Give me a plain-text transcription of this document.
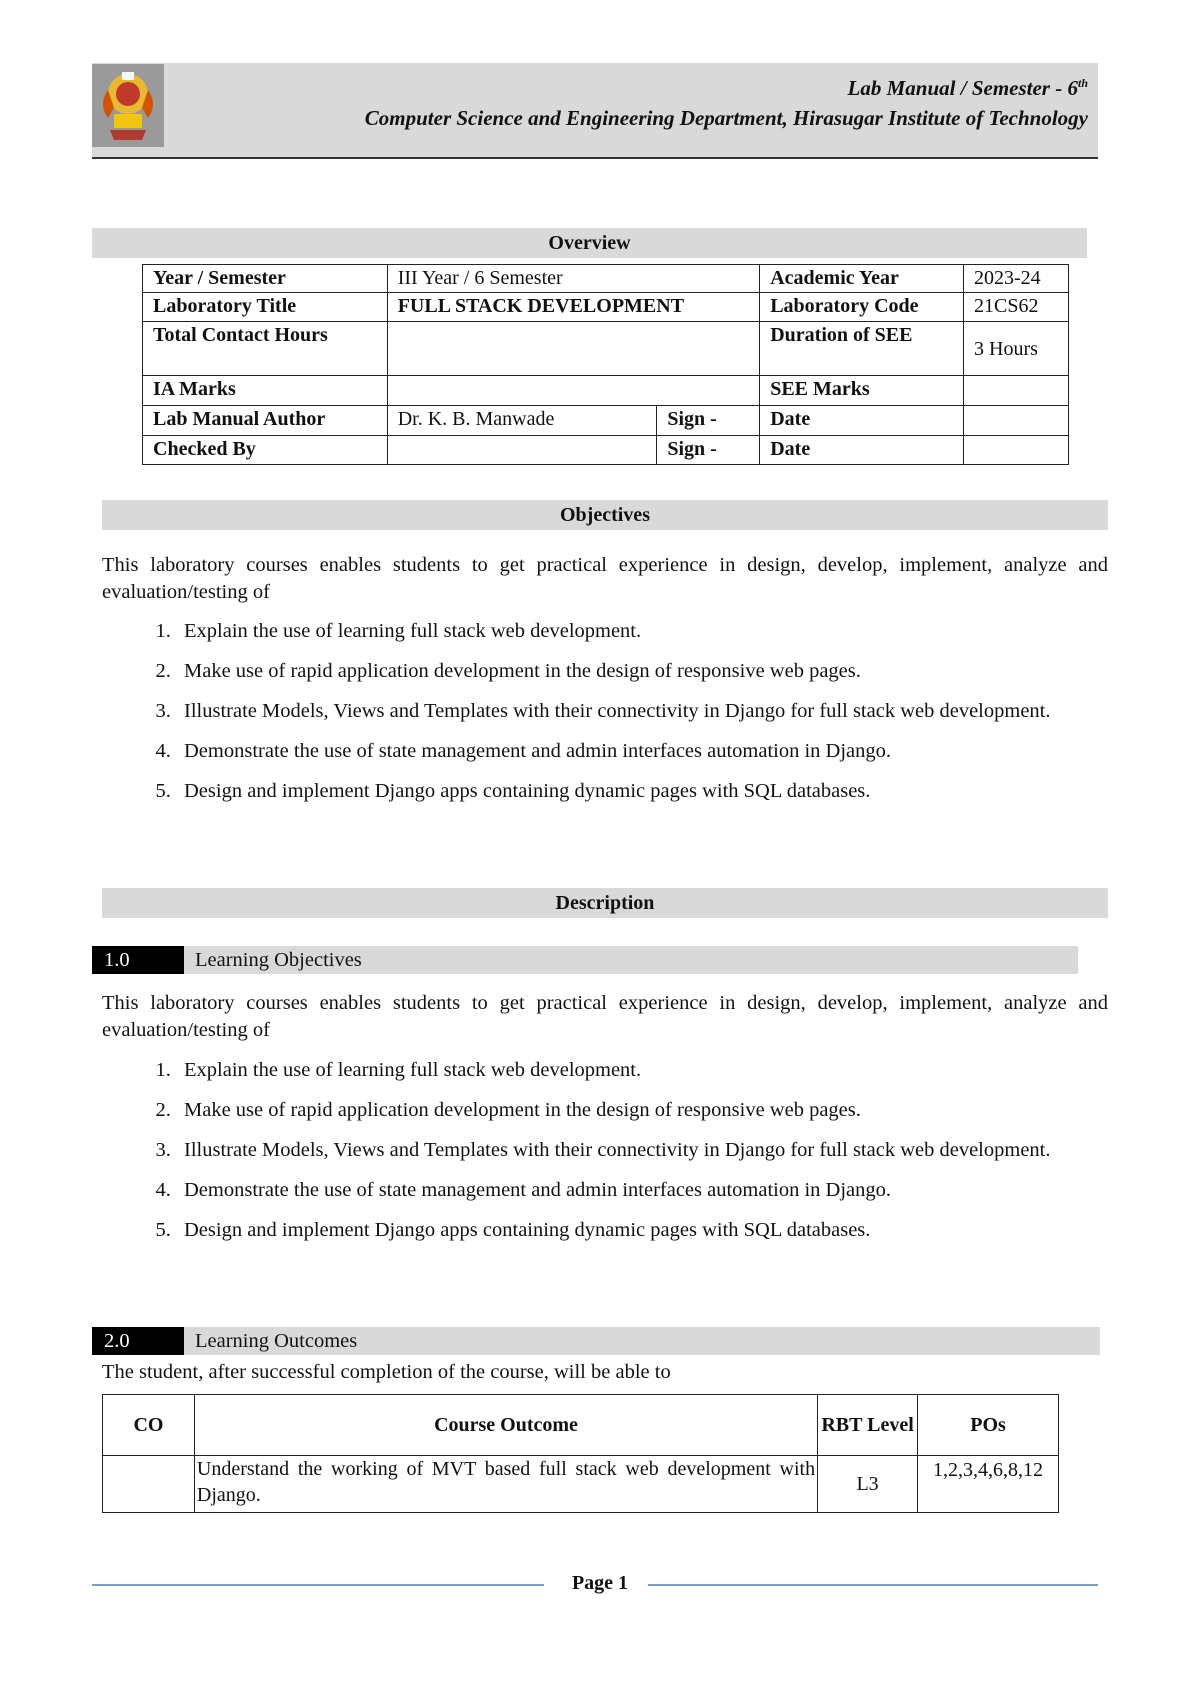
Lab Manual / Semester - 6th
Computer Science and Engineering Department, Hirasugar Institute of Technology
Overview
Year / Semester	III Year / 6 Semester		Academic Year	2023-24
Laboratory Title	FULL STACK DEVELOPMENT		Laboratory Code	21CS62
Total Contact Hours			Duration of SEE	3 Hours
IA Marks			SEE Marks	
Lab Manual Author	Dr. K. B. Manwade	Sign -	Date	
Checked By		Sign -	Date	
Objectives
This laboratory courses enables students to get practical experience in design, develop, implement, analyze and evaluation/testing of
1. Explain the use of learning full stack web development.
2. Make use of rapid application development in the design of responsive web pages.
3. Illustrate Models, Views and Templates with their connectivity in Django for full stack web development.
4. Demonstrate the use of state management and admin interfaces automation in Django.
5. Design and implement Django apps containing dynamic pages with SQL databases.
Description
1.0	Learning Objectives
This laboratory courses enables students to get practical experience in design, develop, implement, analyze and evaluation/testing of
1. Explain the use of learning full stack web development.
2. Make use of rapid application development in the design of responsive web pages.
3. Illustrate Models, Views and Templates with their connectivity in Django for full stack web development.
4. Demonstrate the use of state management and admin interfaces automation in Django.
5. Design and implement Django apps containing dynamic pages with SQL databases.
2.0	Learning Outcomes
The student, after successful completion of the course, will be able to
CO	Course Outcome	RBT Level	POs
	Understand the working of MVT based full stack web development with Django.	L3	1,2,3,4,6,8,12
Page 1
